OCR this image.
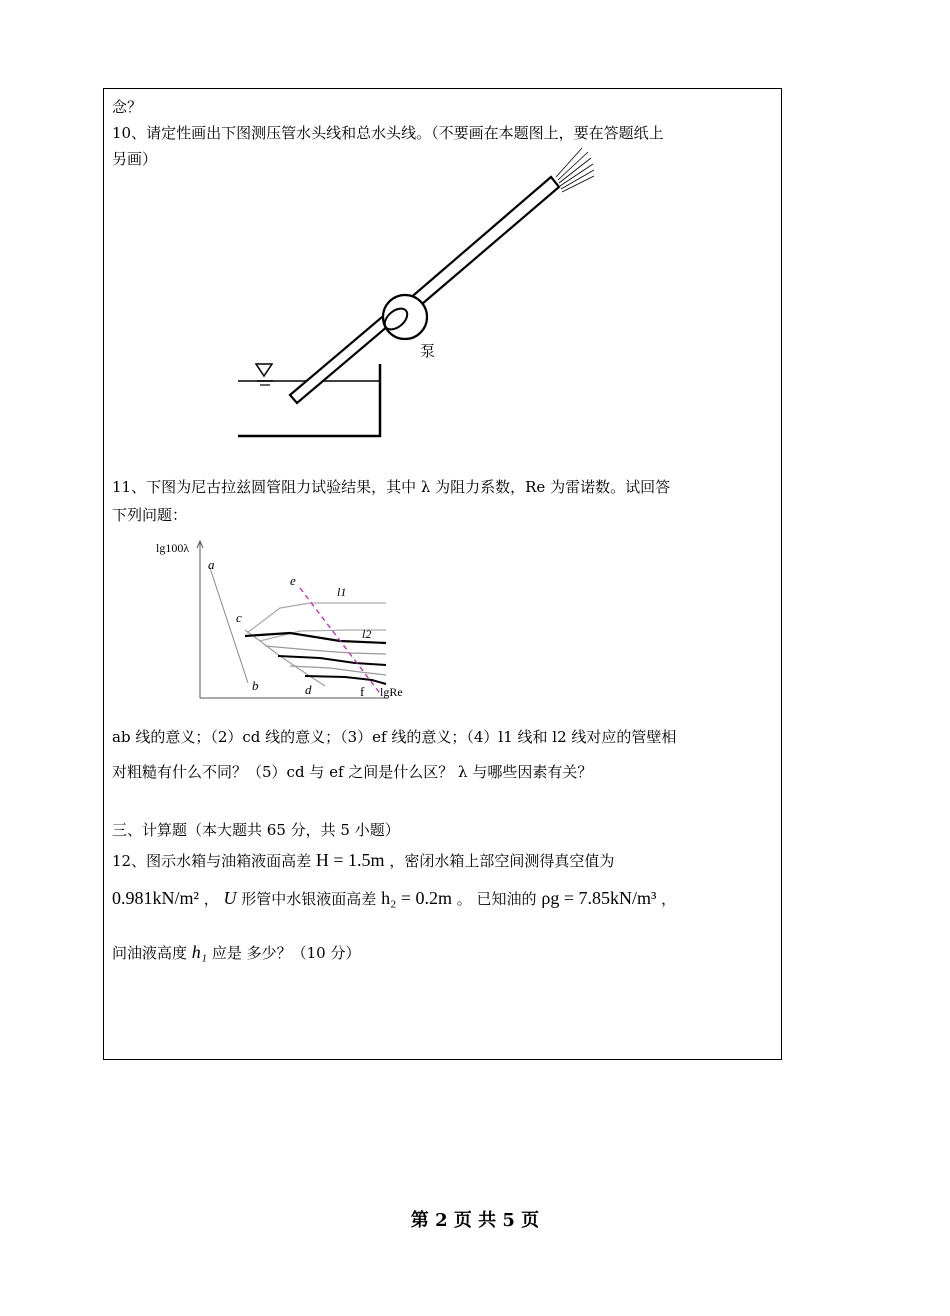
念？
10、请定性画出下图测压管水头线和总水头线。（不要画在本题图上，要在答题纸上
另画）
泵
11、下图为尼古拉兹圆管阻力试验结果，其中 λ 为阻力系数，Re 为雷诺数。试回答
下列问题：
lg100λ
lgRe
a
b
c
d
e
f
l1
l2
ab 线的意义；（2）cd 线的意义；（3）ef 线的意义；（4）l1 线和 l2 线对应的管壁相
对粗糙有什么不同？（5）cd 与 ef 之间是什么区？ λ 与哪些因素有关？
三、计算题（本大题共 65 分，共 5 小题）
12、图示水箱与油箱液面高差 H = 1.5m ，密闭水箱上部空间测得真空值为
0.981kN/m² ， U 形管中水银液面高差 h₂ = 0.2m 。 已知油的 ρg = 7.85kN/m³ ，
问油液高度 h₁ 应是 多少？（10 分）
第 2 页 共 5 页
